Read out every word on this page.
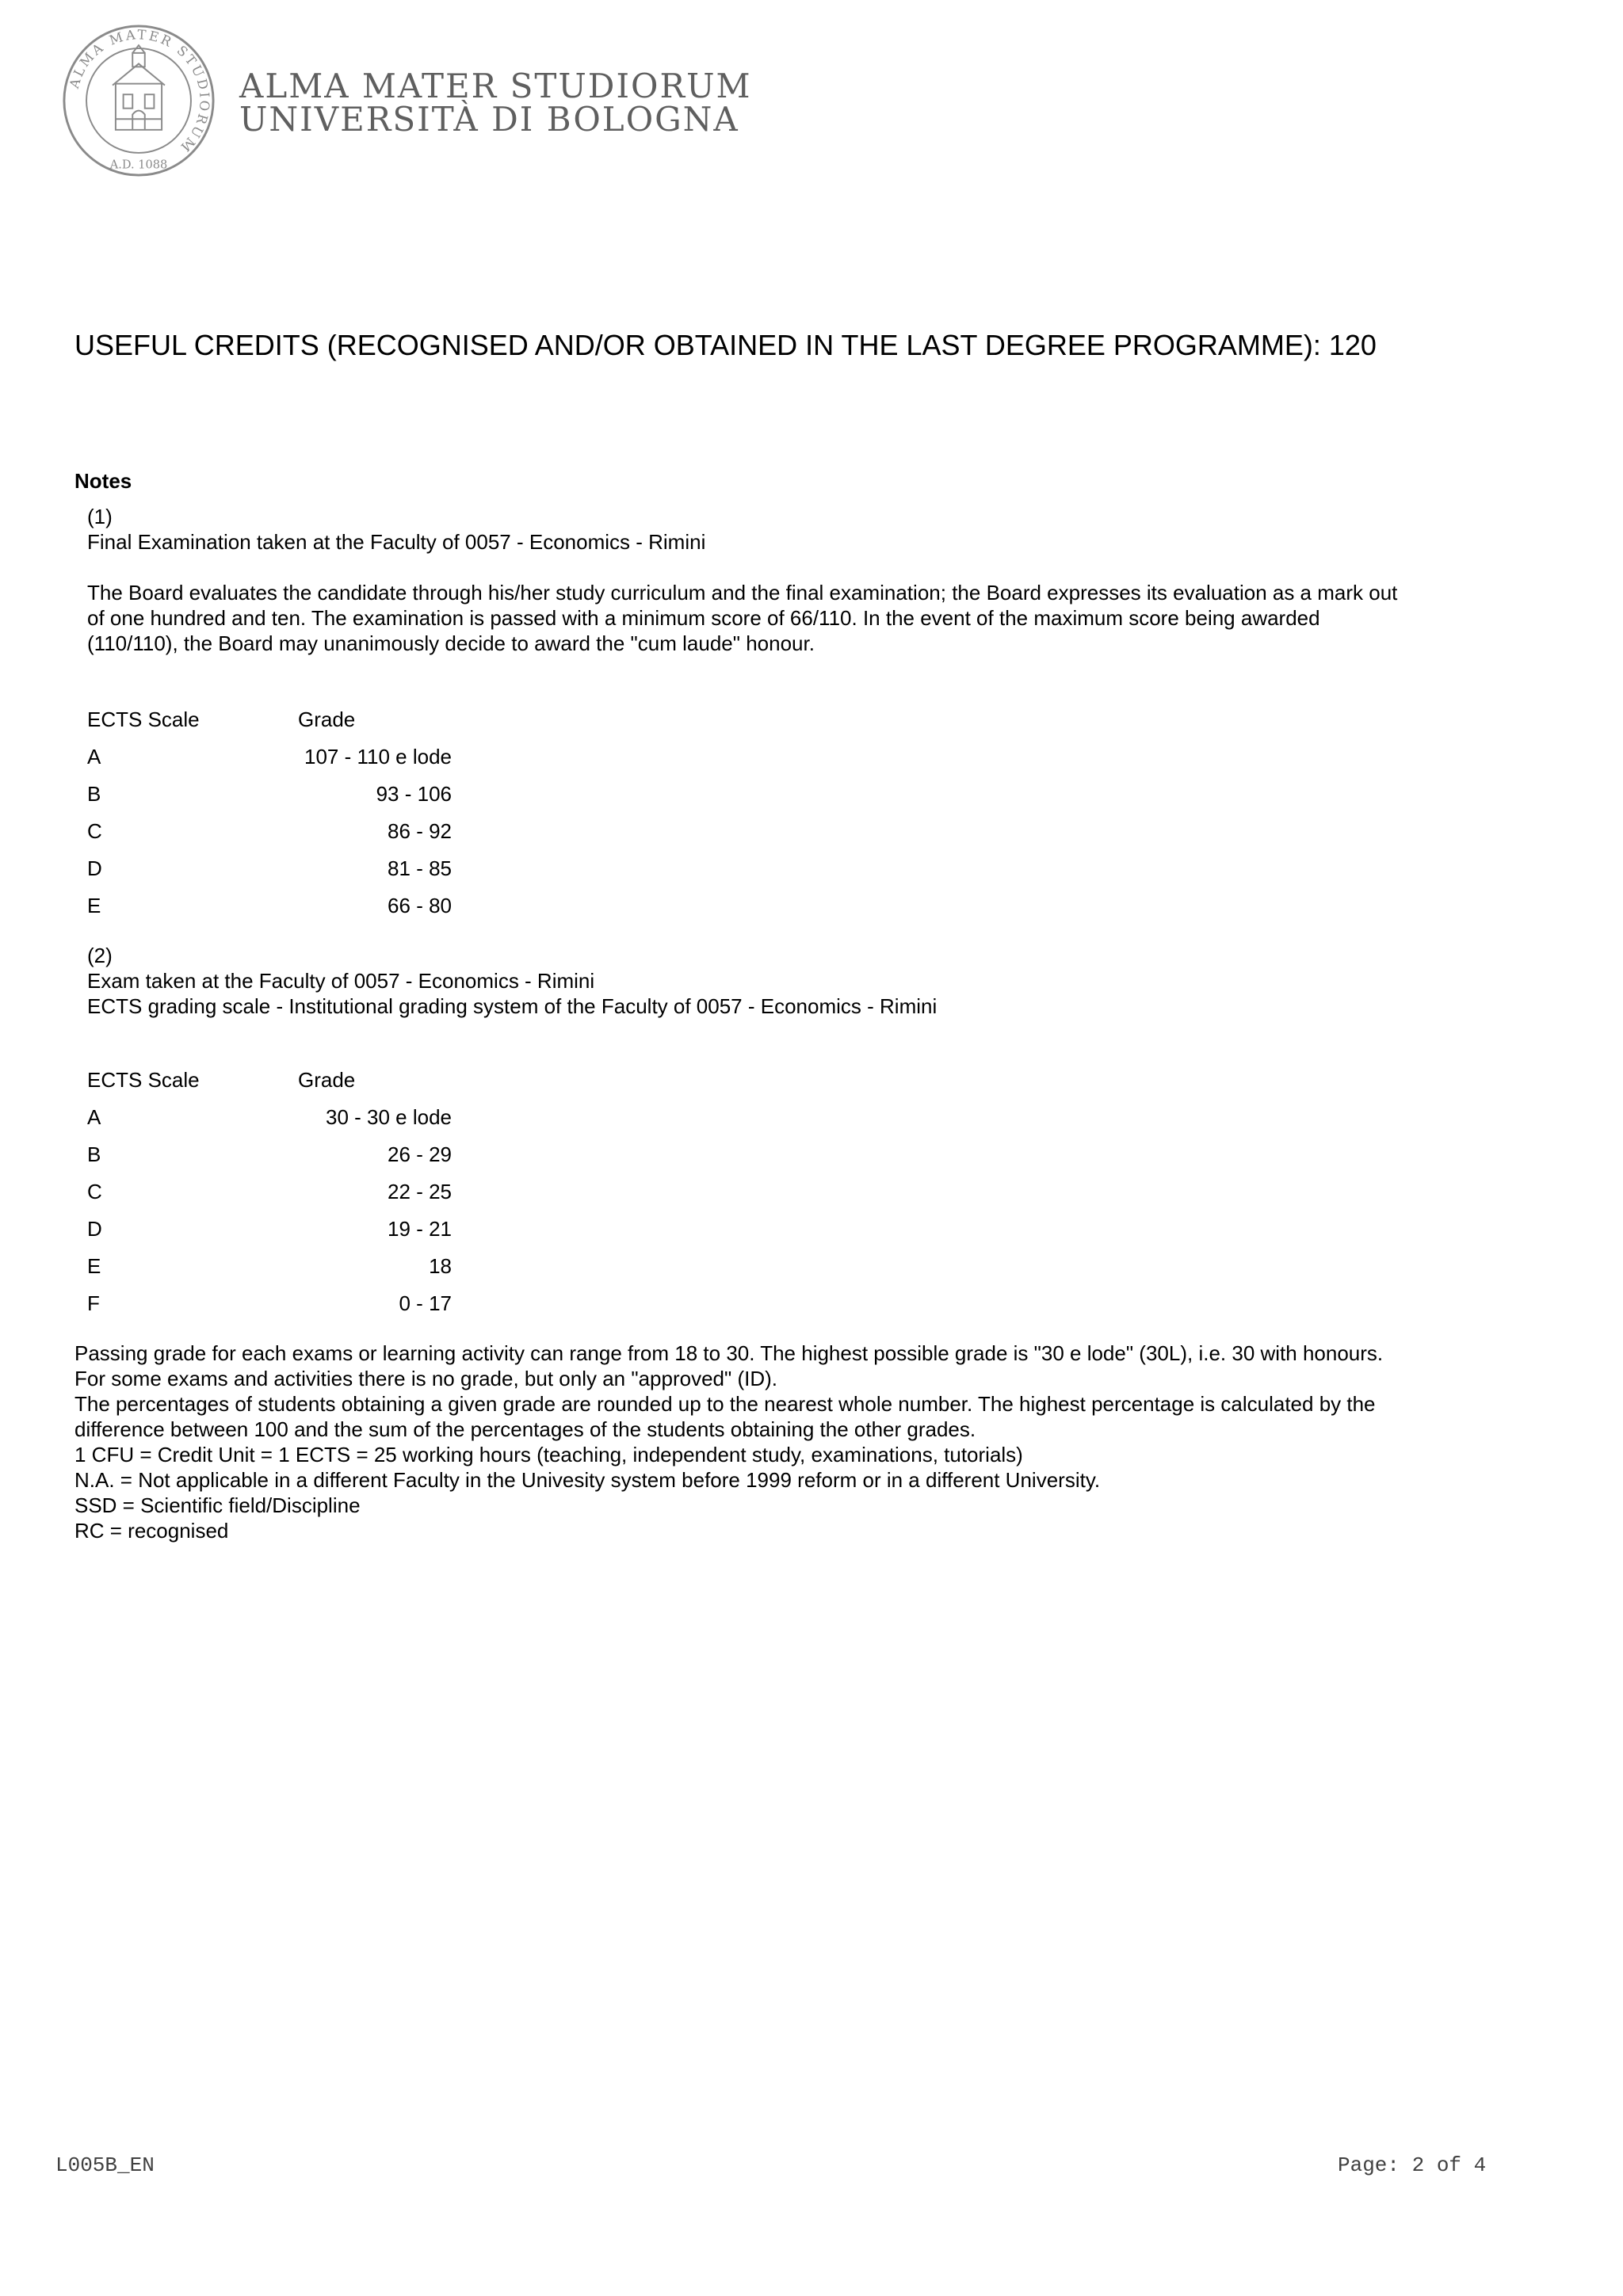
ALMA MATER STUDIORUM
A.D. 1088
ALMA MATER STUDIORUM
UNIVERSITÀ DI BOLOGNA
USEFUL CREDITS (RECOGNISED AND/OR OBTAINED IN THE LAST DEGREE PROGRAMME): 120
Notes

(1)

Final Examination taken at the Faculty of 0057 - Economics - Rimini

The Board evaluates the candidate through his/her study curriculum and the final examination; the Board expresses its evaluation as a mark out

of one hundred and ten. The examination is passed with a minimum score of 66/110. In the event of the maximum score being awarded

(110/110), the Board may unanimously decide to award the "cum laude" honour.

ECTS Scale	Grade
A	107 - 110 e lode
B	93 - 106
C	86 - 92
D	81 - 85
E	66 - 80

(2)

Exam taken at the Faculty of 0057 - Economics - Rimini

ECTS grading scale - Institutional grading system of the Faculty of 0057 - Economics - Rimini

ECTS Scale	Grade
A	30 - 30 e lode
B	26 - 29
C	22 - 25
D	19 - 21
E	18
F	0 - 17

Passing grade for each exams or learning activity can range from 18 to 30. The highest possible grade is "30 e lode" (30L), i.e. 30 with honours.

For some exams and activities there is no grade, but only an "approved" (ID).

The percentages of students obtaining a given grade are rounded up to the nearest whole number. The highest percentage is calculated by the

difference between 100 and the sum of the percentages of the students obtaining the other grades.

1 CFU = Credit Unit = 1 ECTS = 25 working hours (teaching, independent study, examinations, tutorials)

N.A. = Not applicable in a different Faculty in the Univesity system before 1999 reform or in a different University.

SSD = Scientific field/Discipline

RC = recognised

L005B_EN	Page: 2 of 4
